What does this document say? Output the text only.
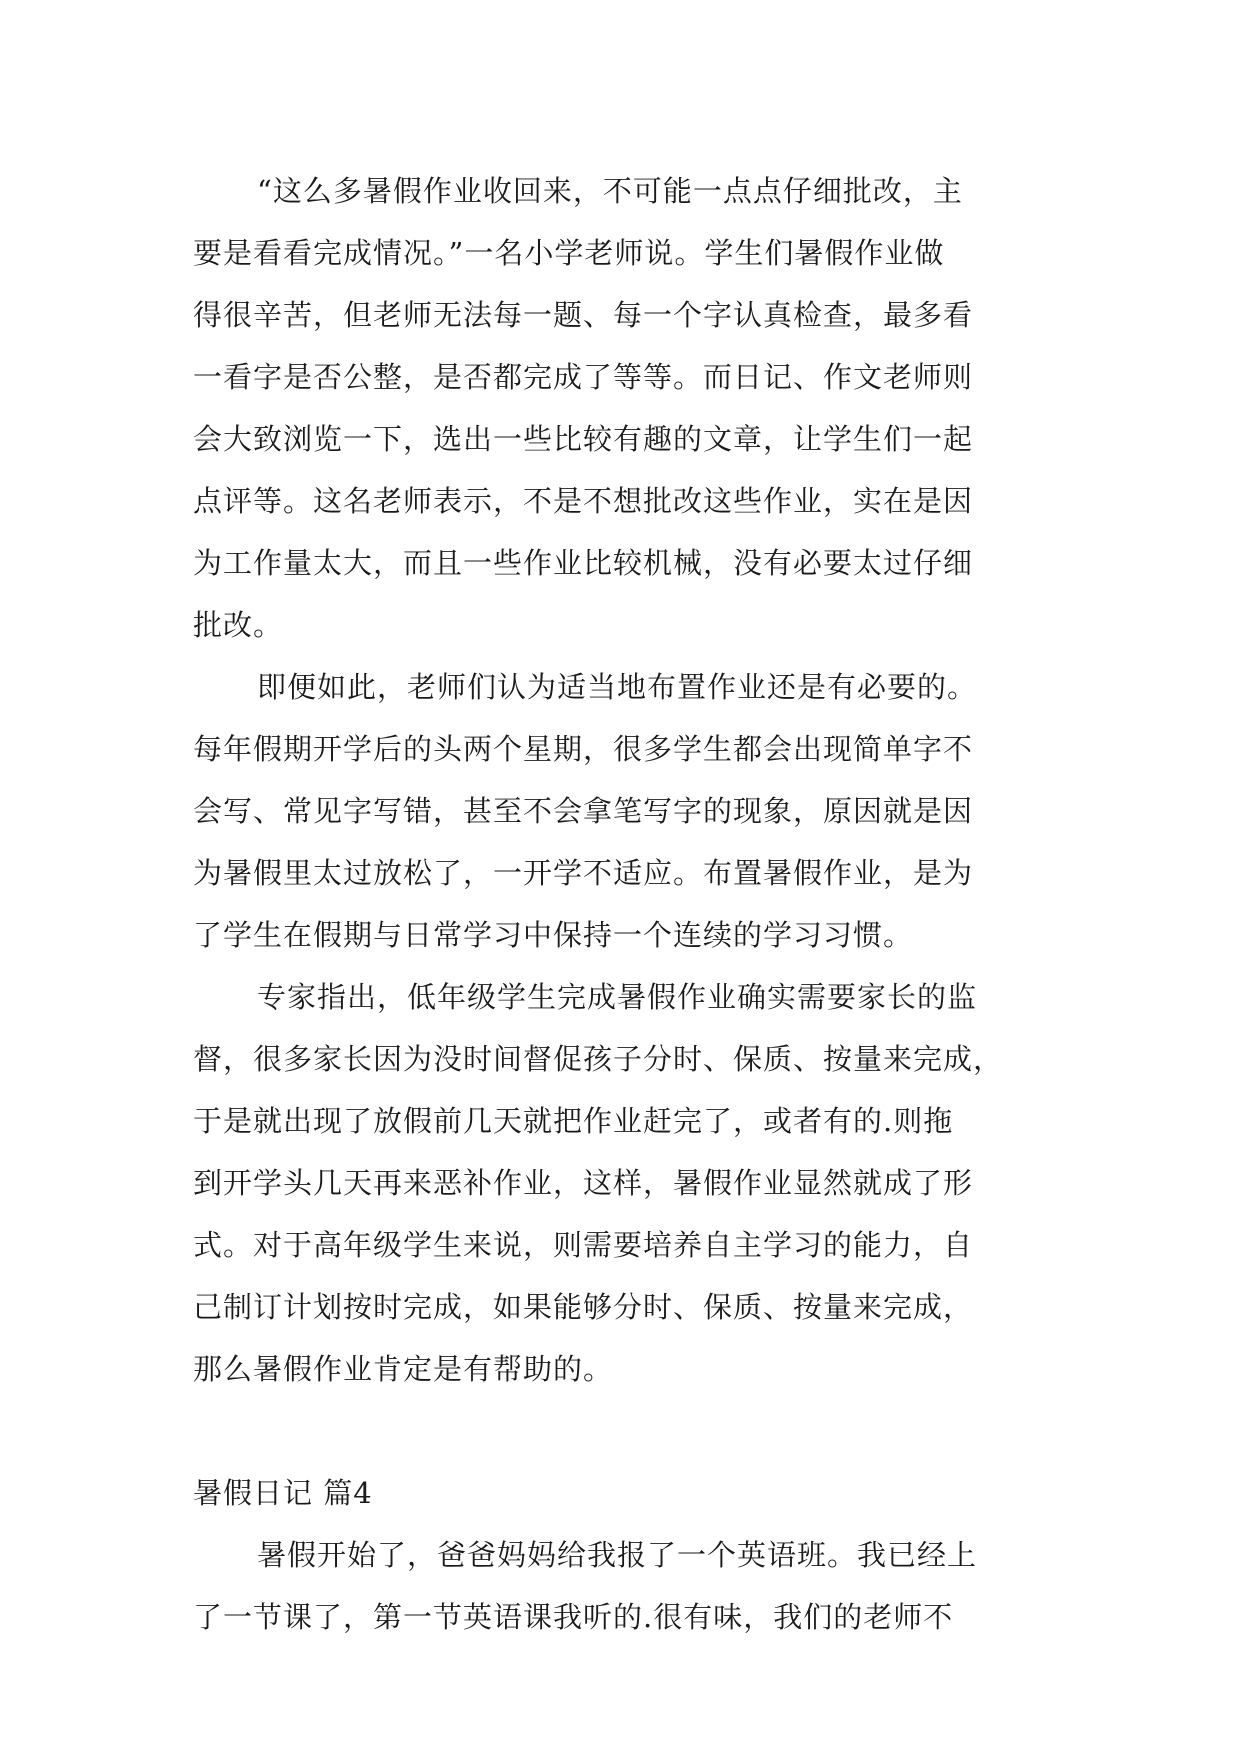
“这么多暑假作业收回来，不可能一点点仔细批改，主
要是看看完成情况。”一名小学老师说。学生们暑假作业做
得很辛苦，但老师无法每一题、每一个字认真检查，最多看
一看字是否公整，是否都完成了等等。而日记、作文老师则
会大致浏览一下，选出一些比较有趣的文章，让学生们一起
点评等。这名老师表示，不是不想批改这些作业，实在是因
为工作量太大，而且一些作业比较机械，没有必要太过仔细
批改。
即便如此，老师们认为适当地布置作业还是有必要的。
每年假期开学后的头两个星期，很多学生都会出现简单字不
会写、常见字写错，甚至不会拿笔写字的现象，原因就是因
为暑假里太过放松了，一开学不适应。布置暑假作业，是为
了学生在假期与日常学习中保持一个连续的学习习惯。
专家指出，低年级学生完成暑假作业确实需要家长的监
督，很多家长因为没时间督促孩子分时、保质、按量来完成，
于是就出现了放假前几天就把作业赶完了，或者有的.则拖
到开学头几天再来恶补作业，这样，暑假作业显然就成了形
式。对于高年级学生来说，则需要培养自主学习的能力，自
己制订计划按时完成，如果能够分时、保质、按量来完成，
那么暑假作业肯定是有帮助的。
暑假日记 篇4
暑假开始了，爸爸妈妈给我报了一个英语班。我已经上
了一节课了，第一节英语课我听的.很有味，我们的老师不
